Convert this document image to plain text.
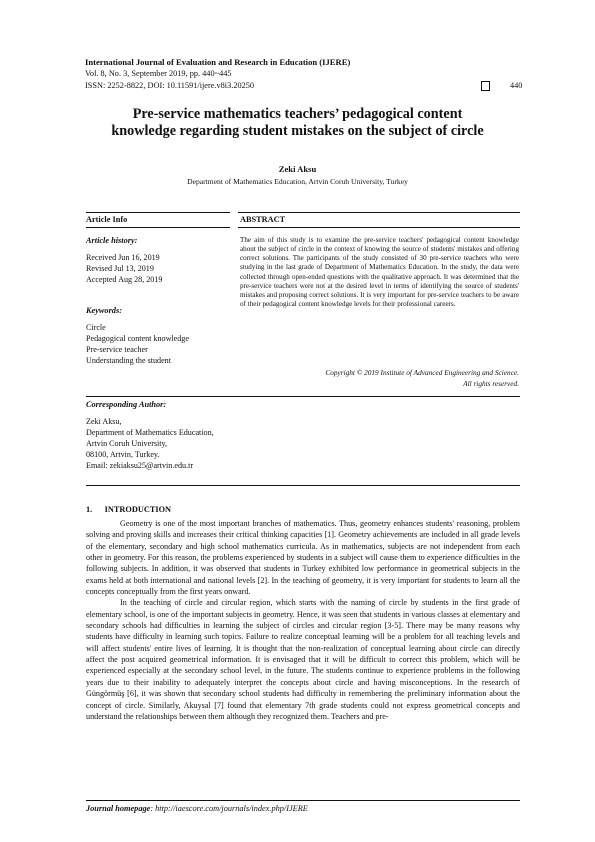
International Journal of Evaluation and Research in Education (IJERE)
Vol. 8, No. 3, September 2019, pp. 440~445
ISSN: 2252-8822, DOI: 10.11591/ijere.v8i3.20250	440
Pre-service mathematics teachers’ pedagogical content
knowledge regarding student mistakes on the subject of circle
Zeki Aksu
Department of Mathematics Education, Artvin Coruh University, Turkey
Article Info
Article history:
Received Jun 16, 2019
Revised Jul 13, 2019
Accepted Aug 28, 2019
Keywords:
Circle
Pedagogical content knowledge
Pre-service teacher
Understanding the student
ABSTRACT
The aim of this study is to examine the pre-service teachers' pedagogical content knowledge about the subject of circle in the context of knowing the source of students' mistakes and offering correct solutions. The participants of the study consisted of 30 pre-service teachers who were studying in the last grade of Department of Mathematics Education. In the study, the data were collected through open-ended questions with the qualitative approach. It was determined that the pre-service teachers were not at the desired level in terms of identifying the source of students' mistakes and proposing correct solutions. It is very important for pre-service teachers to be aware of their pedagogical content knowledge levels for their professional careers.
Copyright © 2019 Institute of Advanced Engineering and Science.
All rights reserved.
Corresponding Author:
Zeki Aksu,
Department of Mathematics Education,
Artvin Coruh University,
08100, Artvin, Turkey.
Email: zekiaksu25@artvin.edu.tr
1.      INTRODUCTION

Geometry is one of the most important branches of mathematics. Thus, geometry enhances students' reasoning, problem solving and proving skills and increases their critical thinking capacities [1]. Geometry achievements are included in all grade levels of the elementary, secondary and high school mathematics curricula. As in mathematics, subjects are not independent from each other in geometry. For this reason, the problems experienced by students in a subject will cause them to experience difficulties in the following subjects. In addition, it was observed that students in Turkey exhibited low performance in geometrical subjects in the exams held at both international and national levels [2]. In the teaching of geometry, it is very important for students to learn all the concepts conceptually from the first years onward.

In the teaching of circle and circular region, which starts with the naming of circle by students in the first grade of elementary school, is one of the important subjects in geometry. Hence, it was seen that students in various classes at elementary and secondary schools had difficulties in learning the subject of circles and circular region [3-5]. There may be many reasons why students have difficulty in learning such topics. Failure to realize conceptual learning will be a problem for all teaching levels and will affect students' entire lives of learning. It is thought that the non-realization of conceptual learning about circle can directly affect the post acquired geometrical information. It is envisaged that it will be difficult to correct this problem, which will be experienced especially at the secondary school level, in the future. The students continue to experience problems in the following years due to their inability to adequately interpret the concepts about circle and having misconceptions. In the research of Güngörmüş [6], it was shown that secondary school students had difficulty in remembering the preliminary information about the concept of circle. Similarly, Akuysal [7] found that elementary 7th grade students could not express geometrical concepts and understand the relationships between them although they recognized them. Teachers and pre-

Journal homepage: http://iaescore.com/journals/index.php/IJERE
